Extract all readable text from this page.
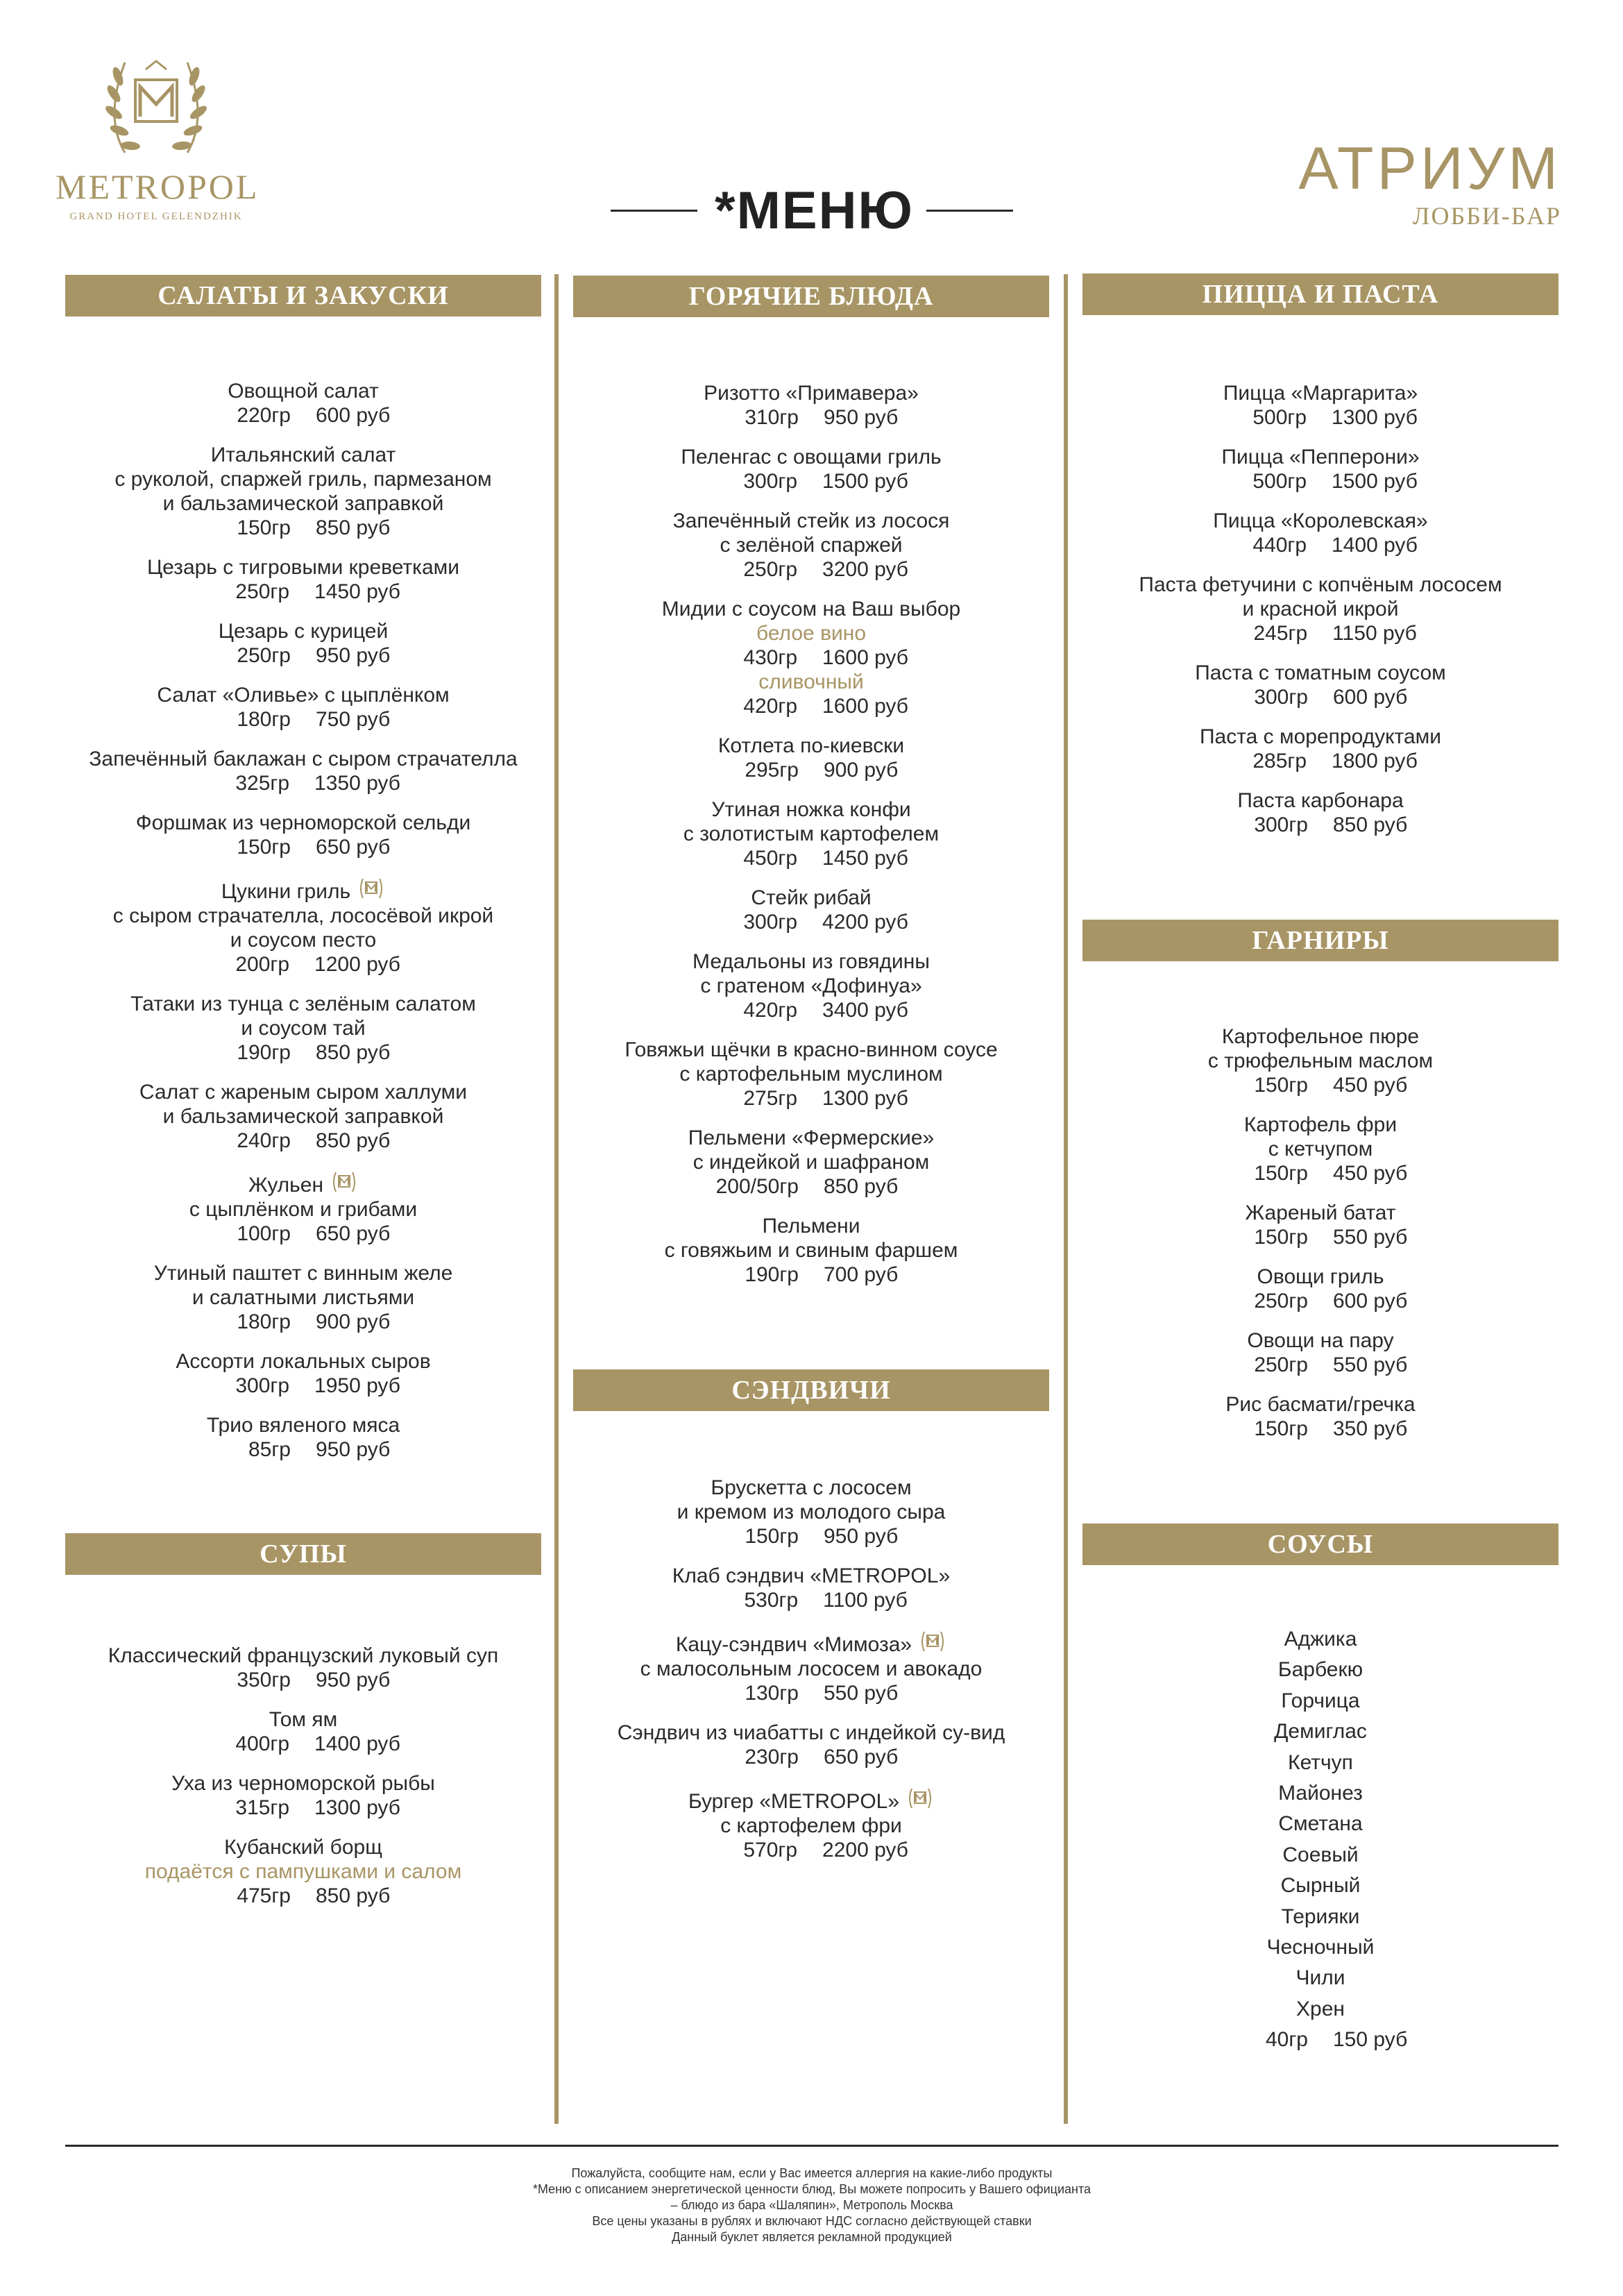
METROPOL
GRAND HOTEL GELENDZHIK	*МЕНЮ
АТРИУМ
ЛОББИ-БАР
САЛАТЫ И ЗАКУСКИ
Овощной салат
220гр 600 руб
Итальянский салат
с руколой, спаржей гриль, пармезаном
и бальзамической заправкой
150гр 850 руб
Цезарь с тигровыми креветками
250гр 1450 руб
Цезарь с курицей
250гр 950 руб
Салат «Оливье» с цыплёнком
180гр 750 руб
Запечённый баклажан с сыром страчателла
325гр 1350 руб
Форшмак из черноморской сельди
150гр 650 руб
Цукини гриль
с сыром страчателла, лососёвой икрой
и соусом песто
200гр 1200 руб
Татаки из тунца с зелёным салатом
и соусом тай
190гр 850 руб
Салат с жареным сыром халлуми
и бальзамической заправкой
240гр 850 руб
Жульен
с цыплёнком и грибами
100гр 650 руб
Утиный паштет с винным желе
и салатными листьями
180гр 900 руб
Ассорти локальных сыров
300гр 1950 руб
Трио вяленого мяса
85гр 950 руб
СУПЫ
Классический французский луковый суп
350гр 950 руб
Том ям
400гр 1400 руб
Уха из черноморской рыбы
315гр 1300 руб
Кубанский борщ
подаётся с пампушками и салом
475гр 850 руб
ГОРЯЧИЕ БЛЮДА
Ризотто «Примавера»
310гр 950 руб
Пеленгас с овощами гриль
300гр 1500 руб
Запечённый стейк из лосося
с зелёной спаржей
250гр 3200 руб
Мидии с соусом на Ваш выбор
белое вино
430гр 1600 руб
сливочный
420гр 1600 руб
Котлета по-киевски
295гр 900 руб
Утиная ножка конфи
с золотистым картофелем
450гр 1450 руб
Стейк рибай
300гр 4200 руб
Медальоны из говядины
с гратеном «Дофинуа»
420гр 3400 руб
Говяжьи щёчки в красно-винном соусе
с картофельным муслином
275гр 1300 руб
Пельмени «Фермерские»
с индейкой и шафраном
200/50гр 850 руб
Пельмени
с говяжьим и свиным фаршем
190гр 700 руб
СЭНДВИЧИ
Брускетта с лососем
и кремом из молодого сыра
150гр 950 руб
Клаб сэндвич «METROPOL»
530гр 1100 руб
Кацу-сэндвич «Мимоза»
с малосольным лососем и авокадо
130гр 550 руб
Сэндвич из чиабатты с индейкой су-вид
230гр 650 руб
Бургер «METROPOL»
с картофелем фри
570гр 2200 руб
ПИЦЦА И ПАСТА
Пицца «Маргарита»
500гр 1300 руб
Пицца «Пепперони»
500гр 1500 руб
Пицца «Королевская»
440гр 1400 руб
Паста фетучини с копчёным лососем
и красной икрой
245гр 1150 руб
Паста с томатным соусом
300гр 600 руб
Паста с морепродуктами
285гр 1800 руб
Паста карбонара
300гр 850 руб
ГАРНИРЫ
Картофельное пюре
с трюфельным маслом
150гр 450 руб
Картофель фри
с кетчупом
150гр 450 руб
Жареный батат
150гр 550 руб
Овощи гриль
250гр 600 руб
Овощи на пару
250гр 550 руб
Рис басмати/гречка
150гр 350 руб
СОУСЫ
Аджика
Барбекю
Горчица
Демиглас
Кетчуп
Майонез
Сметана
Соевый
Сырный
Терияки
Чесночный
Чили
Хрен
40гр 150 руб
Пожалуйста, сообщите нам, если у Вас имеется аллергия на какие-либо продукты
*Меню с описанием энергетической ценности блюд, Вы можете попросить у Вашего официанта
– блюдо из бара «Шаляпин», Метрополь Москва
Все цены указаны в рублях и включают НДС согласно действующей ставки
Данный буклет является рекламной продукцией
